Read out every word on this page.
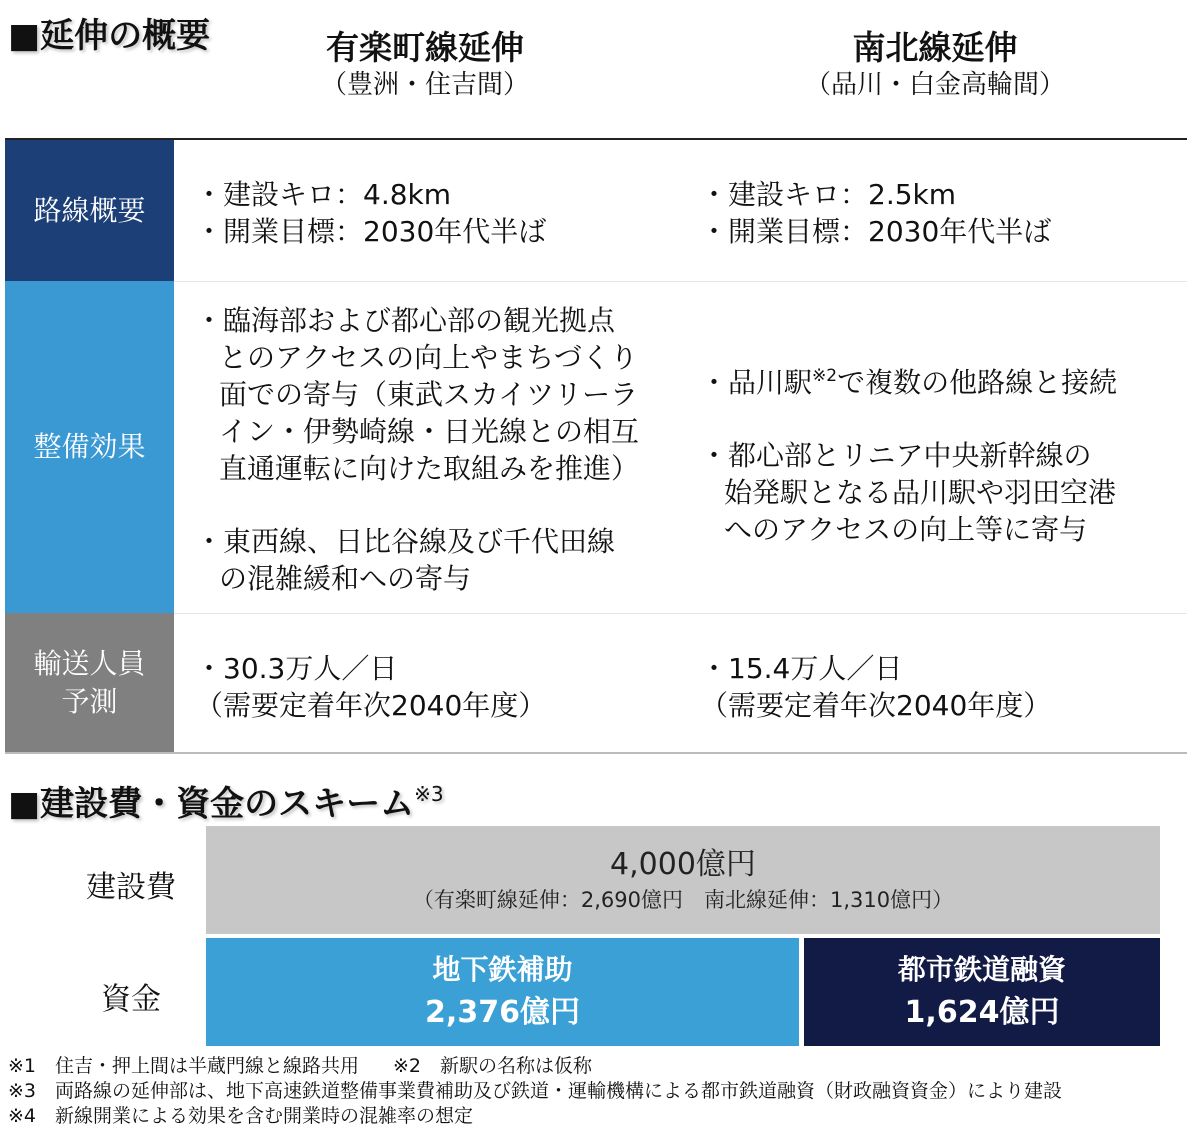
■延伸の概要	有楽町線延伸
（豊洲・住吉間）
南北線延伸
（品川・白金高輪間）
路線概要	・建設キロ：4.8km

・開業目標：2030年代半ば

・建設キロ：2.5km

・開業目標：2030年代半ば

整備効果

・臨海部および都心部の観光拠点

とのアクセスの向上やまちづくり

面での寄与（東武スカイツリーラ

イン・伊勢崎線・日光線との相互

直通運転に向けた取組みを推進）

・東西線、日比谷線及び千代田線

の混雑緩和への寄与

・品川駅$^{※2}$で複数の他路線と接続

・都心部とリニア中央新幹線の

始発駅となる品川駅や羽田空港

へのアクセスの向上等に寄与

輸送人員
予測

・30.3万人／日

（需要定着年次2040年度）

・15.4万人／日

（需要定着年次2040年度）

■建設費・資金のスキーム$^{※3}$
建設費
資金
4,000億円
（有楽町線延伸：2,690億円　南北線延伸：1,310億円）
地下鉄補助
2,376億円
都市鉄道融資
1,624億円

※1　住吉・押上間は半蔵門線と線路共用 ※2　新駅の名称は仮称

※3　両路線の延伸部は、地下高速鉄道整備事業費補助及び鉄道・運輸機構による都市鉄道融資（財政融資資金）により建設

※4　新線開業による効果を含む開業時の混雑率の想定
